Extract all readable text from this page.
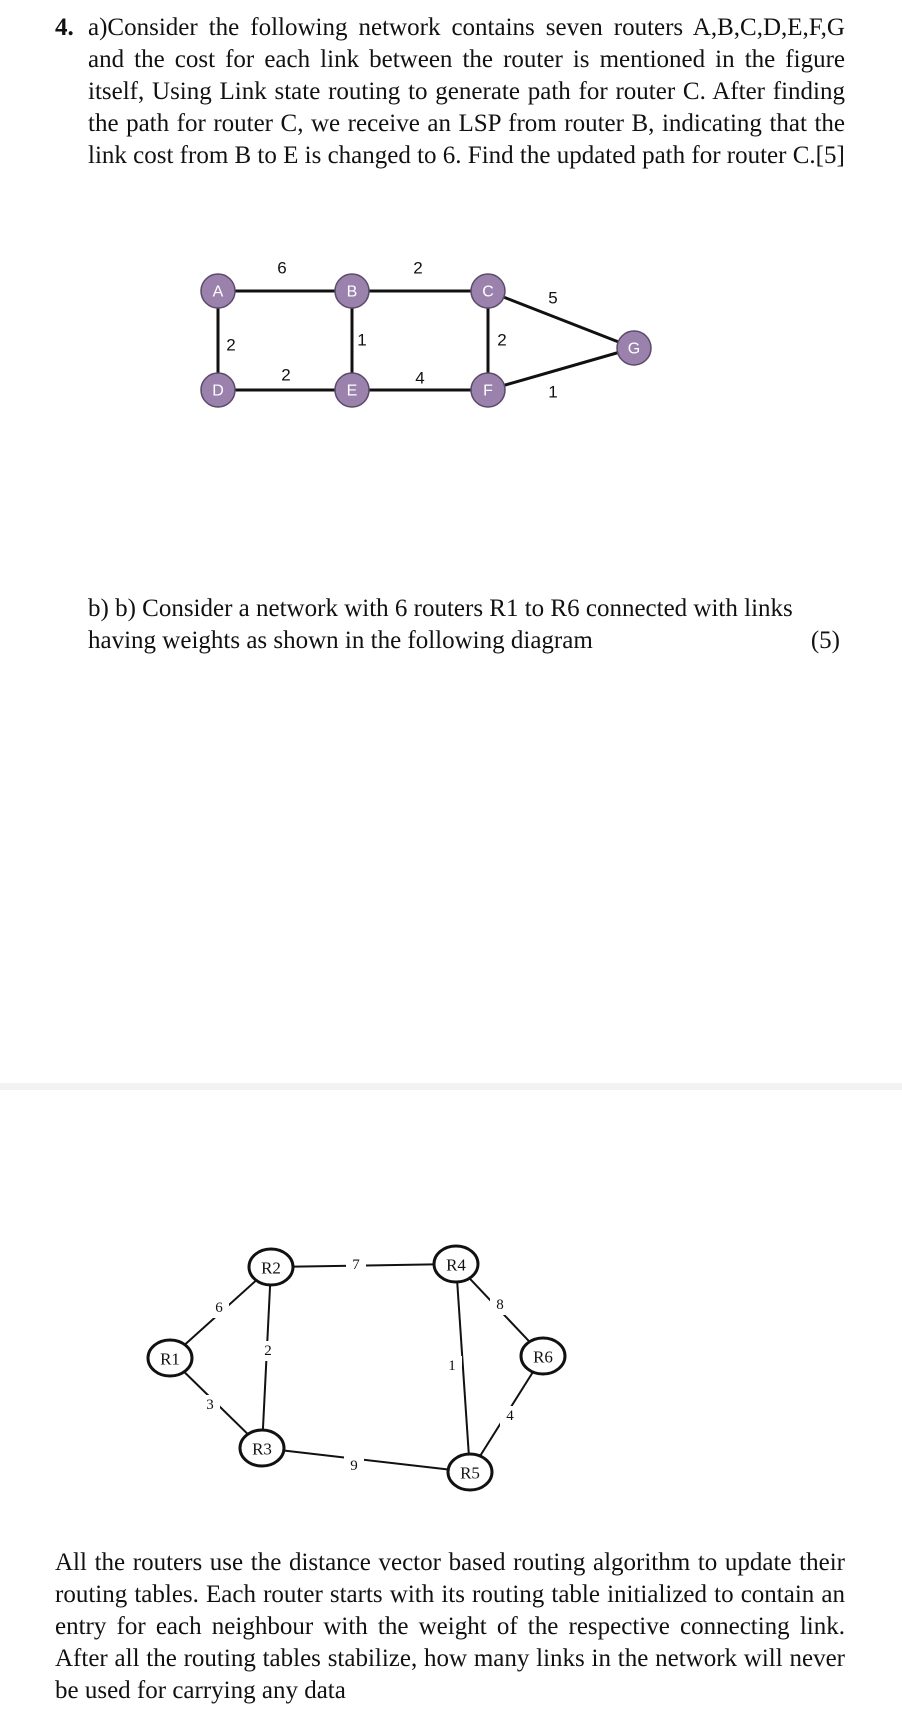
4. a)Consider the following network contains seven routers A,B,C,D,E,F,G and the cost for each link between the router is mentioned in the figure itself, Using Link state routing to generate path for router C. After finding the path for router C, we receive an LSP from router B, indicating that the link cost from B to E is changed to 6. Find the updated path for router C.[5]
6	2
5
2	1	2
2	4
1
A	B	C
D	E	F
G
b) b) Consider a network with 6 routers R1 to R6 connected with links
having weights as shown in the following diagram	(5)
6
3
2
7
9
1
8
4
R1
R2
R3
R4
R5
R6
All the routers use the distance vector based routing algorithm to update their routing tables. Each router starts with its routing table initialized to contain an entry for each neighbour with the weight of the respective connecting link. After all the routing tables stabilize, how many links in the network will never be used for carrying any data
